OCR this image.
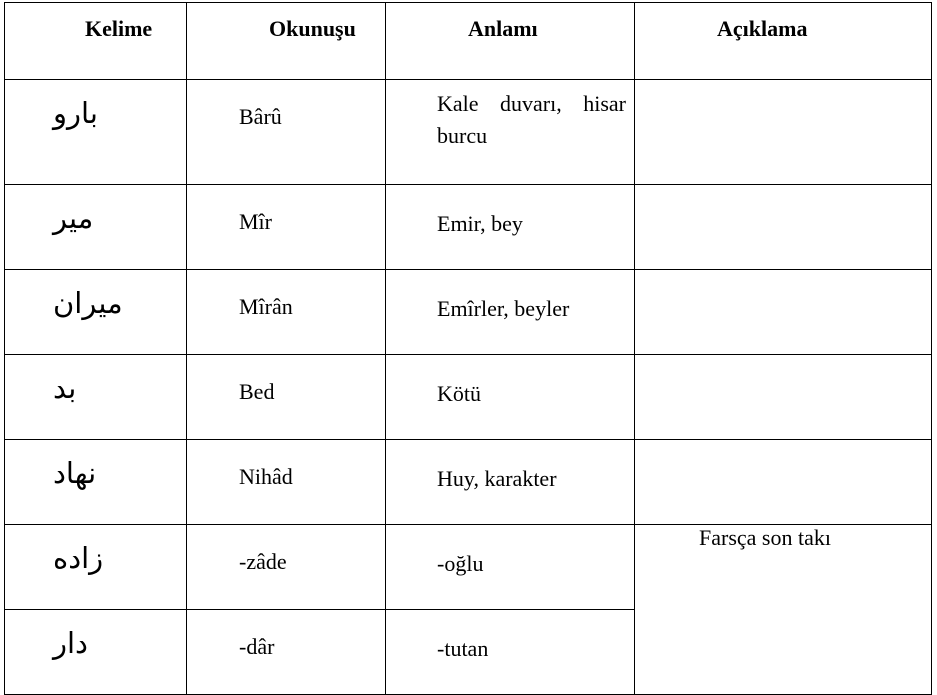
Kelime	Okunuşu	Anlamı	Açıklama

بارو	Bârû	Kale duvarı, hisar burcu	

مير	Mîr	Emir, bey	

ميران	Mîrân	Emîrler, beyler	

بد	Bed	Kötü	

نهاد	Nihâd	Huy, karakter	

زاده	-zâde	-oğlu	Farsça son takı

دار	-dâr	-tutan	
